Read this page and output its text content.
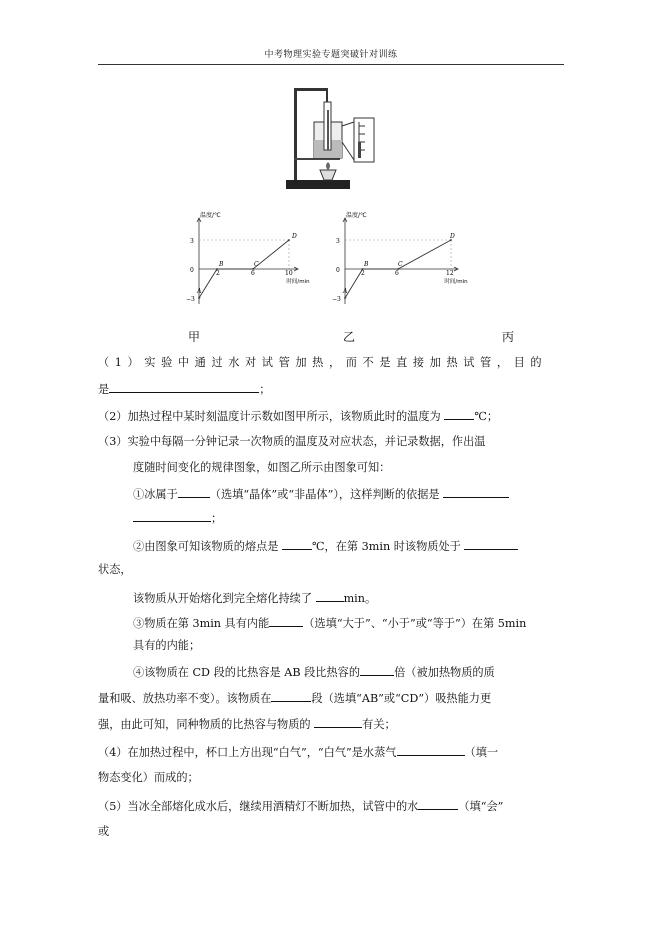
中考物理实验专题突破针对训练
温度/℃
时间/min
3
0
−3
2	6	10
A
B	C
D
温度/℃
时间/min
3
0
−3
2	6	12
A
B	C
D
甲	乙	丙
（1）实验中通过水对试管加热，而不是直接加热试管，目的
是	；
（2）加热过程中某时刻温度计示数如图甲所示，该物质此时的温度为	℃；
（3）实验中每隔一分钟记录一次物质的温度及对应状态，并记录数据，作出温
度随时间变化的规律图象，如图乙所示由图象可知：
①冰属于	（选填“晶体”或“非晶体”），这样判断的依据是
；
②由图象可知该物质的熔点是	℃，在第 3min 时该物质处于
状态，
该物质从开始熔化到完全熔化持续了	min。
③物质在第 3min 具有内能	（选填“大于”、“小于”或“等于”）在第 5min
具有的内能；
④该物质在 CD 段的比热容是 AB 段比热容的	倍（被加热物质的质
量和吸、放热功率不变）。该物质在	段（选填“AB”或“CD”）吸热能力更
强，由此可知，同种物质的比热容与物质的	有关；
（4）在加热过程中，杯口上方出现“白气”，“白气”是水蒸气	（填一
物态变化）而成的；
（5）当冰全部熔化成水后，继续用酒精灯不断加热，试管中的水	（填“会”
或
